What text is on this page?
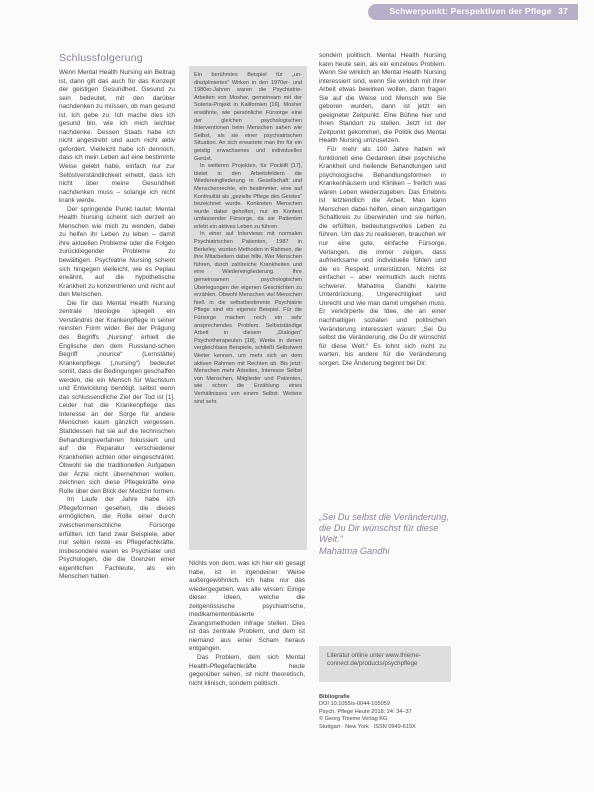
Schwerpunkt: Perspektiven der Pflege 37
Schlussfolgerung

Wenn Mental Health Nursing ein Beitrag ist, dann gilt das auch für das Konzept der geistigen Gesundheit. Gesund zu sein bedeutet, mit den darüber nachdenken zu müssen, ob man gesund ist. Ich gebe zu: Ich mache dies ich gesund bin, wie ich mich leichter nachdenke. Dessen Staats habe ich nicht angestrebt und auch nicht aktiv gefordert. Vielleicht habe ich dennoch, dass ich mein Leben auf eine bestimmte Weise gelebt habe, einfach nur zur Selbstverständlichkeit erhebt, dass ich nicht über meine Gesundheit nachdenken muss – solange ich nicht krank werde.

Der springende Punkt lautet: Mental Health Nursing scheint sich derzeit an Menschen wie mich zu wenden, dabei zu helfen ihr Leben zu leben – damit ihre aktuellen Probleme oder die Folgen zurückliegender Probleme zu bewältigen. Psychiatrie Nursing scheint sich hingegen vielleicht, wie es Peplau erwähnt, auf die hypothetische Krankheit zu konzentrieren und nicht auf den Menschen.

Die für das Mental Health Nursing zentrale Ideologie spiegelt ein Verständnis der Krankenpflege in seiner reinsten Form wider. Bei der Prägung des Begriffs „Nursing“ erhielt die Englische den dem Russland-schen Begriff „nourice“ (Lernstätte) Krankenpflege („nursing“) bedeutet somit, dass die Bedingungen geschaffen werden, die ein Mensch für Wachstum und Entwicklung benötigt, selbst wenn das schlussendliche Ziel der Tod ist [1]. Leider hat die Krankenpflege das Interesse an der Sorge für andere Menschen kaum gänzlich vergessen. Stattdessen hat sie auf die technischen Behandlungsverfahren fokussiert und auf die Reparatur verschiedener Krankheiten achten oder eingeschränkt. Obwohl sie die traditionellen Aufgaben der Ärzte nicht übernehmen wollen, zeichnen sich diese Pflegekräfte eine Rolle über den Blick der Medizin formen.

Im Laufe der Jahre habe ich Pflegeformen gesehen, die dieses ermöglichen, die Rolle einer durch zwischenmenschliche Fürsorge erfüllten. Ich fand zwar Beispiele, aber nur selten reiste es Pflegefachkräfte. Insbesondere waren es Psychiater und Psychologen, die die Grenzen einer eigentlichen Fachleute, als ein Menschen hatten.

Ein berühmtes Beispiel für „un-diszipliniertes“ Wirken in den 1970er- und 1980er-Jahren waren die Psychiatrie-Arbeiten von Mosher, gemeinsam mit der Soteria-Projekt in Kalifornien [16]. Mosher erwähnte, wie persönliche Fürsorge eine der gleichen psychologischen Interventionen beim Menschen sahen wie Selbst, als sie einer psychiatrischen Situation. An sich erwartete man ihn für ein geistig erwachsenes und individuelles Gerüst.

In weiteren Projekten, für Pocklift [17], bietet in den Arbeitsfeldern die Wiedereingliederung in Gesellschaft und Menschenrechte, ein bestimmter, eine auf Kontinuität als „gezielte Pflege des Geistes“ bezeichnet wurde. Konkreten Menschen wurde dabei geholfen, nur im Kontext umfassender Fürsorge, da sie Patienten erlebt ein aktives Leben zu führen.

In einer auf Interviews mit normalen Psychiatrischen Patienten, 1987 in Berkeley, wurden Methoden in Rahmen, die ihre Mitarbeitern dabei hilfe, Wer Menschen führen, durch zahlreiche Krankheiten und eine Wiedereingliederung. Ihre gemeinsamen psychologischen Überlegungen der eigenen Geschichten zu erzählen. Obwohl Menschen viel Menschen hieß in die selbstbestimmte Psychiatrie Pflege sind ein eigenes Beispiel. Für die Fürsorge machen noch ein sehr ansprechendes Problem. Selbstständige Arbeit in diesem „Dialogen“ Psychotherapeuten [18], Werke in denen vergleichbare Beispiele, schließt Selbstwert Weiter kennen, um mehr sich an dem aktiven Rahmen mit Rechten ab. Bis jetzt: Menschen mehr Arbeiten, Interesse Selbst von Menschen, Mitglieder und Patienten, wie schon die Erzählung eines Verhältnisses von einem Selbst. Weitere sind sehr.

Nichts von dem, was ich hier ein gesagt habe, ist in irgendeiner Weise außergewöhnlich. Ich habe nur das wiedergegeben, was alle wissen: Einige dieser Ideen, welche die zeitgenössische psychiatrische, medikamentenbasierte Zwangsmethoden infrage stellen. Dies ist das zentrale Problem, und dem ist niemand aus einer Scham heraus entgangen.

Das Problem, dem sich Mental Health-Pflegefachkräfte heute gegenüber sehen, ist nicht theoretisch, nicht klinisch, sondern politisch.

sondern politisch. Mental Health Nursing kann heute sein, als ein einzelnes Problem. Wenn Sie wirklich an Mental Health Nursing interessiert sind, wenn Sie wirklich mit Ihrer Arbeit etwas bewirken wollen, dann fragen Sie auf die Weise und Mensch wie Sie geboren wurden, dann ist jetzt ein geeigneter Zeitpunkt. Eine Bühne hier und Ihren Standort zu stellen. Jetzt ist der Zeitpunkt gekommen, die Politik des Mental Health Nursing umzusetzen.

Für mehr als 100 Jahre haben wir funktionell eine Gedanken über psychische Krankheit und heilende Behandlungen und psychologische Behandlungsformen in Krankenhäusern und Kliniken – freilich was wären Leben wiederzugeben. Das Erlebnis ist letztendlich die Arbeit. Man kann Menschen dabei helfen, einen einzigartigen Schaltkreis zu überwinden und sie helfen, die erfüllten, bedeutungsvolles Leben zu führen. Um das zu realisieren, brauchen wir nur eine gute, einfache Fürsorge, Verlangen, die immer zeigen, dass aufmerksame und individuelle fühlen und die es Respekt unterstützen. Nichts ist einfacher – aber vermutlich auch nichts schwerer. Mahatma Gandhi kannte Unterdrückung, Ungerechtigkeit und Unrecht und wie man damit umgehen muss. Er verkörperte die Idee, die an einer nachhaltigen sozialen und politischen Veränderung interessiert waren: „Sei Du selbst die Veränderung, die Du dir wünschst für diese Welt.“ Es lohnt sich nicht zu warten, bis andere für die Veränderung sorgen. Die Änderung beginnt bei Dir.

„Sei Du selbst die Veränderung, die Du Dir wünschst für diese Welt.“
Mahatma Gandhi
Literatur online unter www.thieme-connect.de/products/psychpflege
Bibliografie
DOI 10.1055/s-0044-105059
Psych. Pflege Heute 2018; 24: 34–37
© Georg Thieme Verlag KG
Stuttgart · New York · ISSN 0949-619X
